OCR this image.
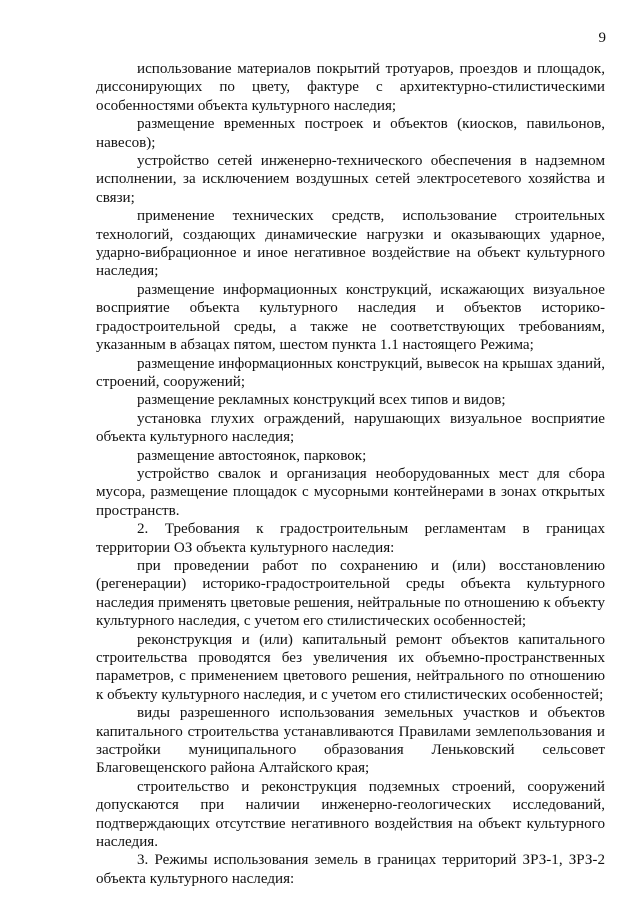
9

использование материалов покрытий тротуаров, проездов и площадок, диссонирующих по цвету, фактуре с архитектурно-стилистическими особенностями объекта культурного наследия;

размещение временных построек и объектов (киосков, павильонов, навесов);

устройство сетей инженерно-технического обеспечения в надземном исполнении, за исключением воздушных сетей электросетевого хозяйства и связи;

применение технических средств, использование строительных технологий, создающих динамические нагрузки и оказывающих ударное, ударно-вибрационное и иное негативное воздействие на объект культурного наследия;

размещение информационных конструкций, искажающих визуальное восприятие объекта культурного наследия и объектов историко-градостроительной среды, а также не соответствующих требованиям, указанным в абзацах пятом, шестом пункта 1.1 настоящего Режима;

размещение информационных конструкций, вывесок на крышах зданий, строений, сооружений;

размещение рекламных конструкций всех типов и видов;

установка глухих ограждений, нарушающих визуальное восприятие объекта культурного наследия;

размещение автостоянок, парковок;

устройство свалок и организация необорудованных мест для сбора мусора, размещение площадок с мусорными контейнерами в зонах открытых пространств.

2. Требования к градостроительным регламентам в границах территории ОЗ объекта культурного наследия:

при проведении работ по сохранению и (или) восстановлению (регенерации) историко-градостроительной среды объекта культурного наследия применять цветовые решения, нейтральные по отношению к объекту культурного наследия, с учетом его стилистических особенностей;

реконструкция и (или) капитальный ремонт объектов капитального строительства проводятся без увеличения их объемно-пространственных параметров, с применением цветового решения, нейтрального по отношению к объекту культурного наследия, и с учетом его стилистических особенностей;

виды разрешенного использования земельных участков и объектов капитального строительства устанавливаются Правилами землепользования и застройки муниципального образования Леньковский сельсовет Благовещенского района Алтайского края;

строительство и реконструкция подземных строений, сооружений допускаются при наличии инженерно-геологических исследований, подтверждающих отсутствие негативного воздействия на объект культурного наследия.

3. Режимы использования земель в границах территорий ЗРЗ-1, ЗРЗ-2 объекта культурного наследия:
